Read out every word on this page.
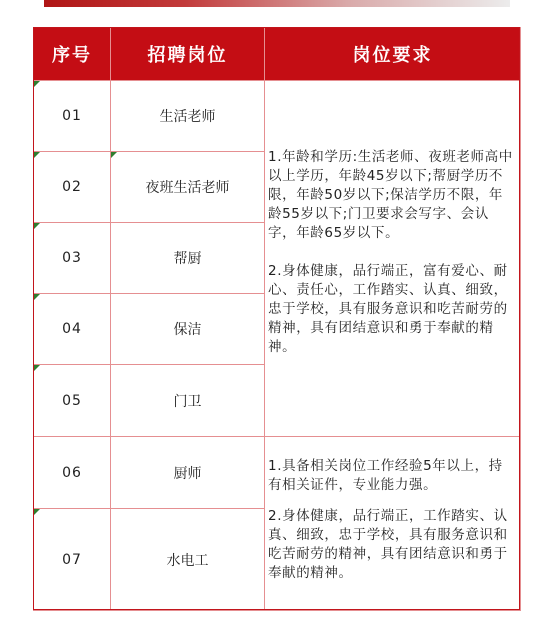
序号	招聘岗位	岗位要求

01	生活老师	1.年龄和学历:生活老师、夜班老师高中以上学历，年龄45岁以下;帮厨学历不限，年龄50岁以下;保洁学历不限，年龄55岁以下;门卫要求会写字、会认字，年龄65岁以下。

2.身体健康，品行端正，富有爱心、耐心、责任心，工作踏实、认真、细致，忠于学校，具有服务意识和吃苦耐劳的精神，具有团结意识和勇于奉献的精神。

02	夜班生活老师	

03	帮厨	

04	保洁	

05	门卫	
06	厨师	1.具备相关岗位工作经验5年以上，持有相关证件，专业能力强。

2.身体健康，品行端正，工作踏实、认真、细致，忠于学校，具有服务意识和吃苦耐劳的精神，具有团结意识和勇于奉献的精神。

07	水电工	
